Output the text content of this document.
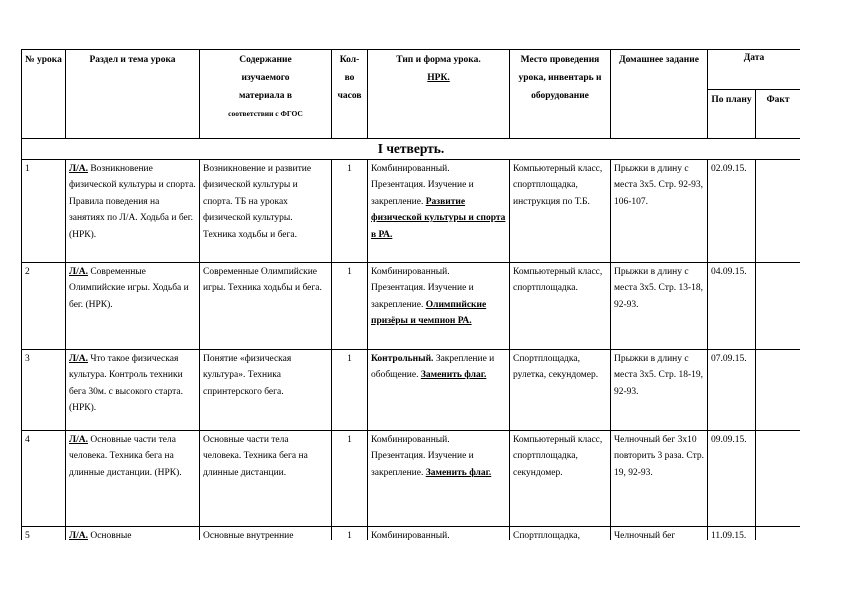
№ урока	Раздел и тема урока	Содержание
изучаемого
материала в
соответствии с ФГОС	Кол-во часов	Тип и форма урока.
НРК.	Место проведения урока, инвентарь и оборудование	Домашнее задание	Дата	
							По плану	Факт
I четверть.								
1	Л/А. Возникновение физической культуры и спорта. Правила поведения на занятиях по Л/А. Ходьба и бег. (НРК).	Возникновение и развитие физической культуры и спорта. ТБ на уроках физической культуры. Техника ходьбы и бега.	1	Комбинированный. Презентация. Изучение и закрепление. Развитие физической культуры и спорта в РА.	Компьютерный класс, спортплощадка, инструкция по Т.Б.	Прыжки в длину с места 3х5. Стр. 92-93, 106-107.	02.09.15.	
2	Л/А. Современные Олимпийские игры. Ходьба и бег. (НРК).	Современные Олимпийские игры. Техника ходьбы и бега.	1	Комбинированный. Презентация. Изучение и закрепление. Олимпийские призёры и чемпион РА.	Компьютерный класс, спортплощадка.	Прыжки в длину с места 3х5. Стр. 13-18, 92-93.	04.09.15.	
3	Л/А. Что такое физическая культура. Контроль техники бега 30м. с высокого старта. (НРК).	Понятие «физическая культура». Техника спринтерского бега.	1	Контрольный. Закрепление и обобщение. Заменить флаг.	Спортплощадка, рулетка, секундомер.	Прыжки в длину с места 3х5. Стр. 18-19, 92-93.	07.09.15.	
4	Л/А. Основные части тела человека. Техника бега на длинные дистанции. (НРК).	Основные части тела человека. Техника бега на длинные дистанции.	1	Комбинированный. Презентация. Изучение и закрепление. Заменить флаг.	Компьютерный класс, спортплощадка, секундомер.	Челночный бег 3х10 повторить 3 раза. Стр. 19, 92-93.	09.09.15.	
5	Л/А. Основные	Основные внутренние	1	Комбинированный.	Спортплощадка,	Челночный бег	11.09.15.	
